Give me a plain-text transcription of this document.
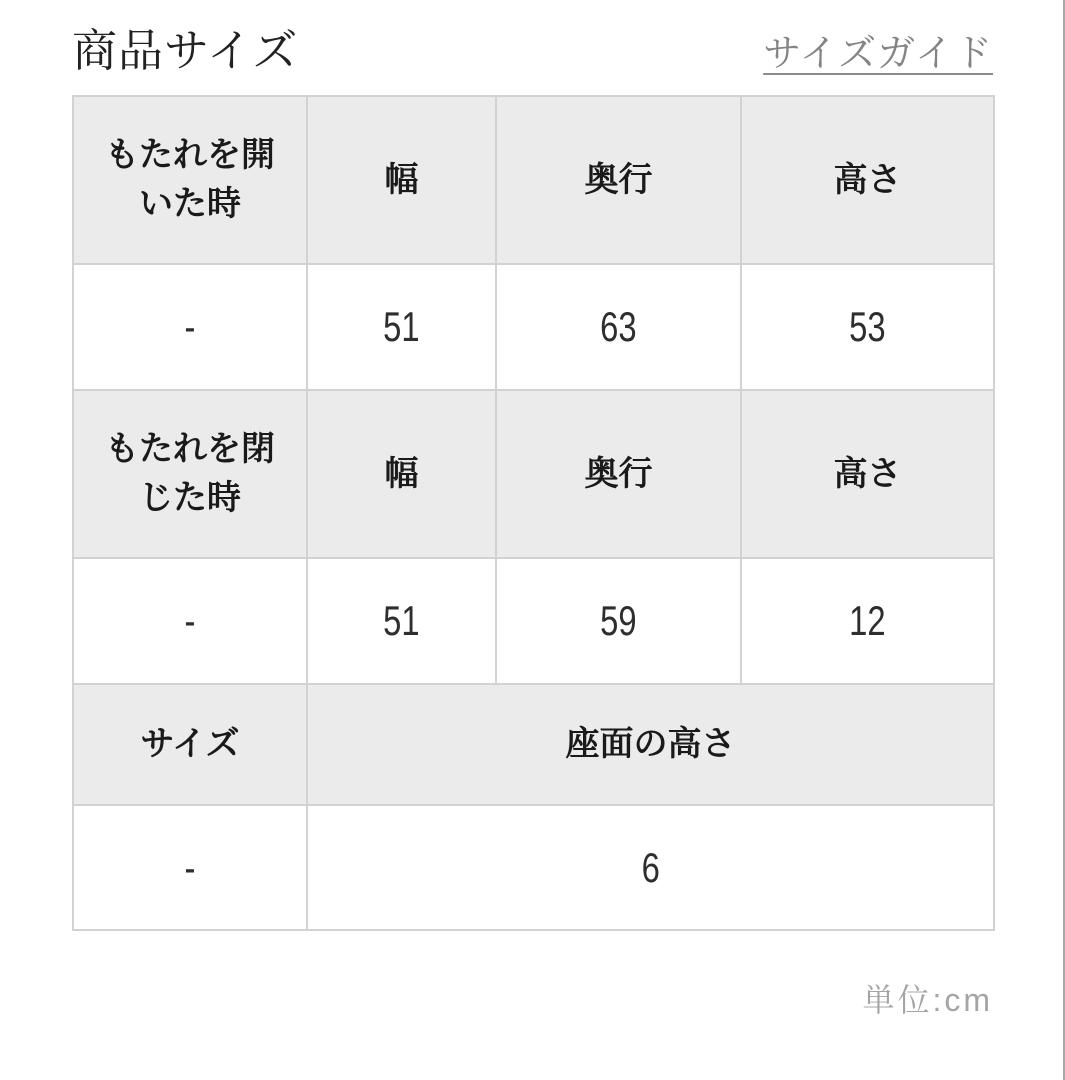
商品サイズ	サイズガイド
もたれを開いた時	幅	奥行	高さ
-	51	63	53
もたれを閉じた時	幅	奥行	高さ
-	51	59	12
サイズ	座面の高さ		
-	6		
単位:cm
